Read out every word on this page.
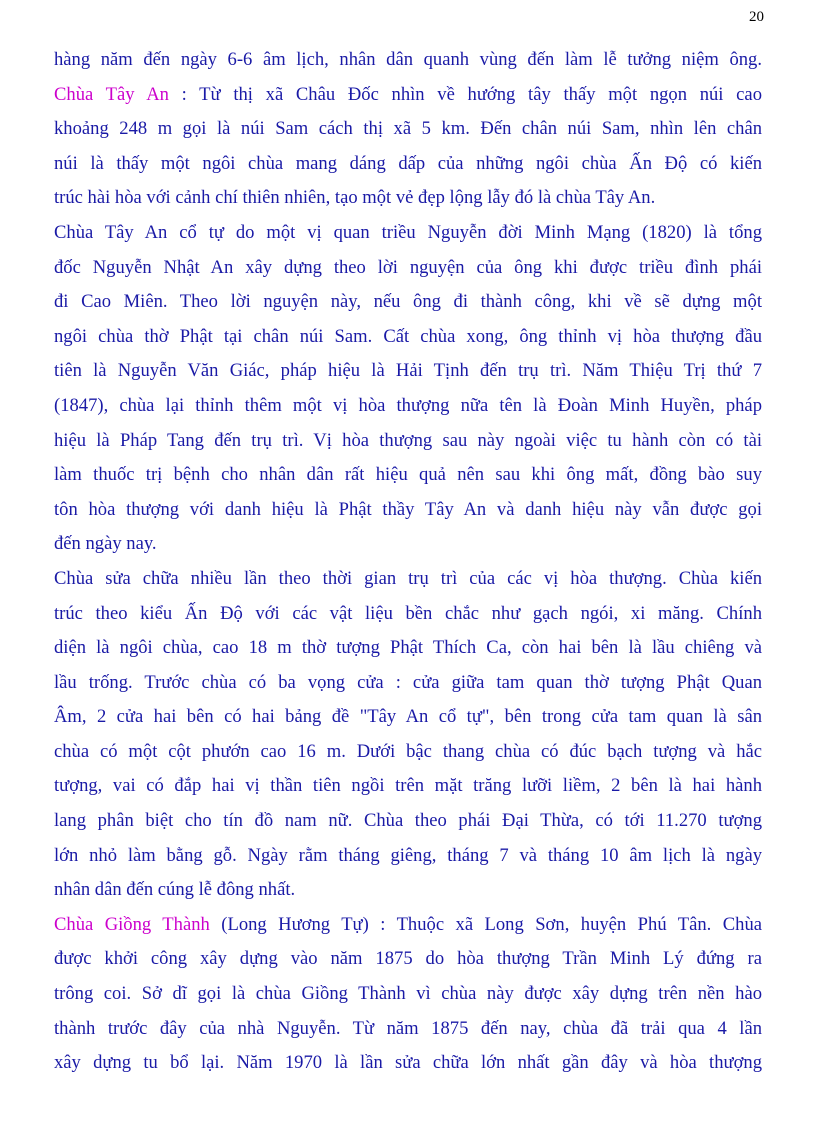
20
hàng năm đến ngày 6-6 âm lịch, nhân dân quanh vùng đến làm lễ tưởng niệm ông.
Chùa Tây An : Từ thị xã Châu Đốc nhìn về hướng tây thấy một ngọn núi cao
khoảng 248 m gọi là núi Sam cách thị xã 5 km. Đến chân núi Sam, nhìn lên chân
núi là thấy một ngôi chùa mang dáng dấp của những ngôi chùa Ấn Độ có kiến
trúc hài hòa với cảnh chí thiên nhiên, tạo một vẻ đẹp lộng lẫy đó là chùa Tây An.
Chùa Tây An cổ tự do một vị quan triều Nguyễn đời Minh Mạng (1820) là tổng
đốc Nguyễn Nhật An xây dựng theo lời nguyện của ông khi được triều đình phái
đi Cao Miên. Theo lời nguyện này, nếu ông đi thành công, khi về sẽ dựng một
ngôi chùa thờ Phật tại chân núi Sam. Cất chùa xong, ông thỉnh vị hòa thượng đầu
tiên là Nguyễn Văn Giác, pháp hiệu là Hải Tịnh đến trụ trì. Năm Thiệu Trị thứ 7
(1847), chùa lại thỉnh thêm một vị hòa thượng nữa tên là Đoàn Minh Huyền, pháp
hiệu là Pháp Tang đến trụ trì. Vị hòa thượng sau này ngoài việc tu hành còn có tài
làm thuốc trị bệnh cho nhân dân rất hiệu quả nên sau khi ông mất, đồng bào suy
tôn hòa thượng với danh hiệu là Phật thầy Tây An và danh hiệu này vẫn được gọi
đến ngày nay.
Chùa sửa chữa nhiều lần theo thời gian trụ trì của các vị hòa thượng. Chùa kiến
trúc theo kiểu Ấn Độ với các vật liệu bền chắc như gạch ngói, xi măng. Chính
diện là ngôi chùa, cao 18 m thờ tượng Phật Thích Ca, còn hai bên là lầu chiêng và
lầu trống. Trước chùa có ba vọng cửa : cửa giữa tam quan thờ tượng Phật Quan
Âm, 2 cửa hai bên có hai bảng đề "Tây An cổ tự", bên trong cửa tam quan là sân
chùa có một cột phướn cao 16 m. Dưới bậc thang chùa có đúc bạch tượng và hắc
tượng, vai có đắp hai vị thần tiên ngồi trên mặt trăng lưỡi liềm, 2 bên là hai hành
lang phân biệt cho tín đồ nam nữ. Chùa theo phái Đại Thừa, có tới 11.270 tượng
lớn nhỏ làm bằng gỗ. Ngày rằm tháng giêng, tháng 7 và tháng 10 âm lịch là ngày
nhân dân đến cúng lễ đông nhất.
Chùa Giồng Thành (Long Hương Tự) : Thuộc xã Long Sơn, huyện Phú Tân. Chùa
được khởi công xây dựng vào năm 1875 do hòa thượng Trần Minh Lý đứng ra
trông coi. Sở dĩ gọi là chùa Giồng Thành vì chùa này được xây dựng trên nền hào
thành trước đây của nhà Nguyễn. Từ năm 1875 đến nay, chùa đã trải qua 4 lần
xây dựng tu bổ lại. Năm 1970 là lần sửa chữa lớn nhất gần đây và hòa thượng
